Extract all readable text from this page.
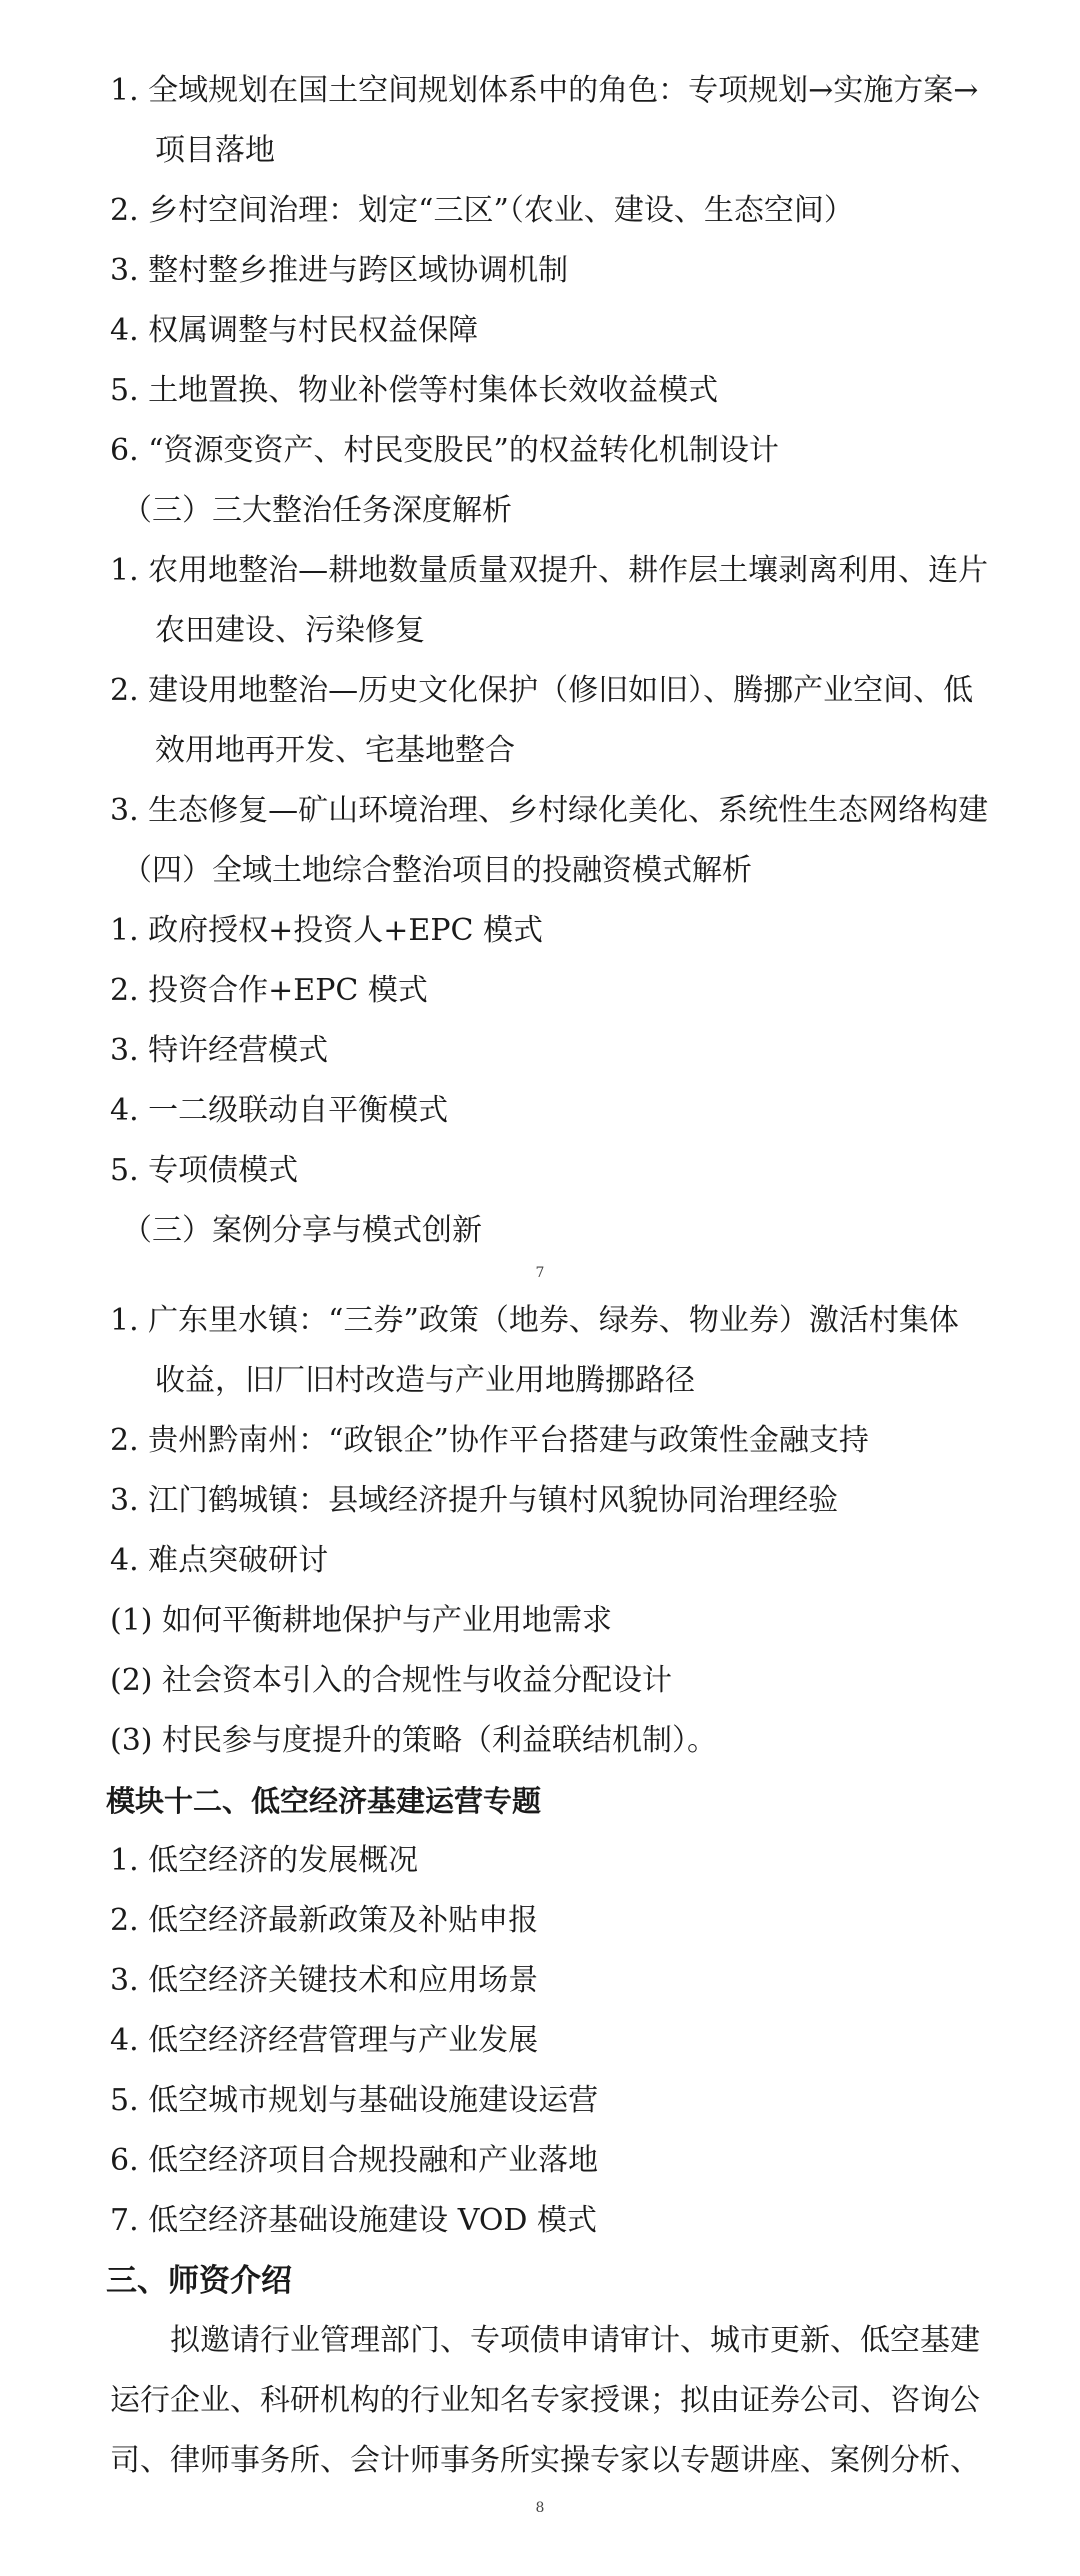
1. 全域规划在国土空间规划体系中的角色：专项规划→实施方案→
项目落地
2. 乡村空间治理：划定“三区”（农业、建设、生态空间）
3. 整村整乡推进与跨区域协调机制
4. 权属调整与村民权益保障
5. 土地置换、物业补偿等村集体长效收益模式
6. “资源变资产、村民变股民”的权益转化机制设计
（三）三大整治任务深度解析
1. 农用地整治—耕地数量质量双提升、耕作层土壤剥离利用、连片
农田建设、污染修复
2. 建设用地整治—历史文化保护（修旧如旧）、腾挪产业空间、低
效用地再开发、宅基地整合
3. 生态修复—矿山环境治理、乡村绿化美化、系统性生态网络构建
（四）全域土地综合整治项目的投融资模式解析
1. 政府授权+投资人+EPC 模式
2. 投资合作+EPC 模式
3. 特许经营模式
4. 一二级联动自平衡模式
5. 专项债模式
（三）案例分享与模式创新
7
1. 广东里水镇：“三券”政策（地券、绿券、物业券）激活村集体
收益，旧厂旧村改造与产业用地腾挪路径
2. 贵州黔南州：“政银企”协作平台搭建与政策性金融支持
3. 江门鹤城镇：县域经济提升与镇村风貌协同治理经验
4. 难点突破研讨
(1) 如何平衡耕地保护与产业用地需求
(2) 社会资本引入的合规性与收益分配设计
(3) 村民参与度提升的策略（利益联结机制）。
模块十二、低空经济基建运营专题
1. 低空经济的发展概况
2. 低空经济最新政策及补贴申报
3. 低空经济关键技术和应用场景
4. 低空经济经营管理与产业发展
5. 低空城市规划与基础设施建设运营
6. 低空经济项目合规投融和产业落地
7. 低空经济基础设施建设 VOD 模式
三、师资介绍
　　拟邀请行业管理部门、专项债申请审计、城市更新、低空基建
运行企业、科研机构的行业知名专家授课；拟由证券公司、咨询公
司、律师事务所、会计师事务所实操专家以专题讲座、案例分析、
8
